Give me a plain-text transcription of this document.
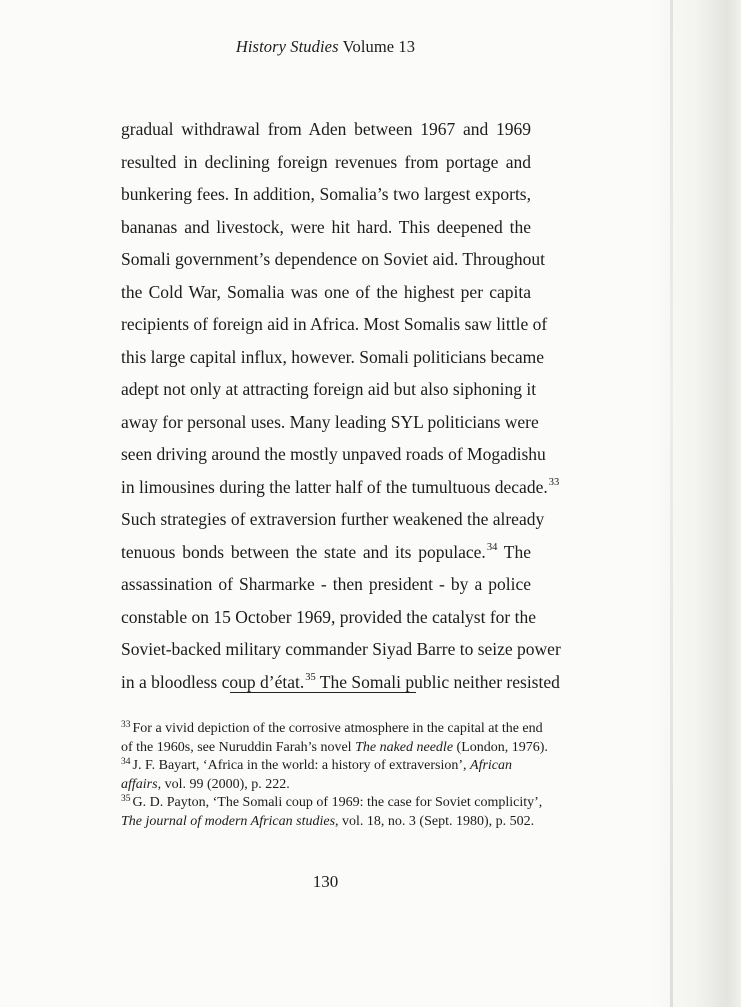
History Studies Volume 13
gradual withdrawal from Aden between 1967 and 1969
resulted in declining foreign revenues from portage and
bunkering fees. In addition, Somalia’s two largest exports,
bananas and livestock, were hit hard. This deepened the
Somali government’s dependence on Soviet aid. Throughout
the Cold War, Somalia was one of the highest per capita
recipients of foreign aid in Africa. Most Somalis saw little of
this large capital influx, however. Somali politicians became
adept not only at attracting foreign aid but also siphoning it
away for personal uses. Many leading SYL politicians were
seen driving around the mostly unpaved roads of Mogadishu
in limousines during the latter half of the tumultuous decade.$^{33}$
Such strategies of extraversion further weakened the already
tenuous bonds between the state and its populace.$^{34}$ The
assassination of Sharmarke - then president - by a police
constable on 15 October 1969, provided the catalyst for the
Soviet-backed military commander Siyad Barre to seize power
in a bloodless coup d’état.$^{35}$ The Somali public neither resisted

$^{33}$ For a vivid depiction of the corrosive atmosphere in the capital at the end of the 1960s, see Nuruddin Farah’s novel The naked needle (London, 1976).

$^{34}$ J. F. Bayart, ‘Africa in the world: a history of extraversion’, African affairs, vol. 99 (2000), p. 222.

$^{35}$ G. D. Payton, ‘The Somali coup of 1969: the case for Soviet complicity’, The journal of modern African studies, vol. 18, no. 3 (Sept. 1980), p. 502.

130
